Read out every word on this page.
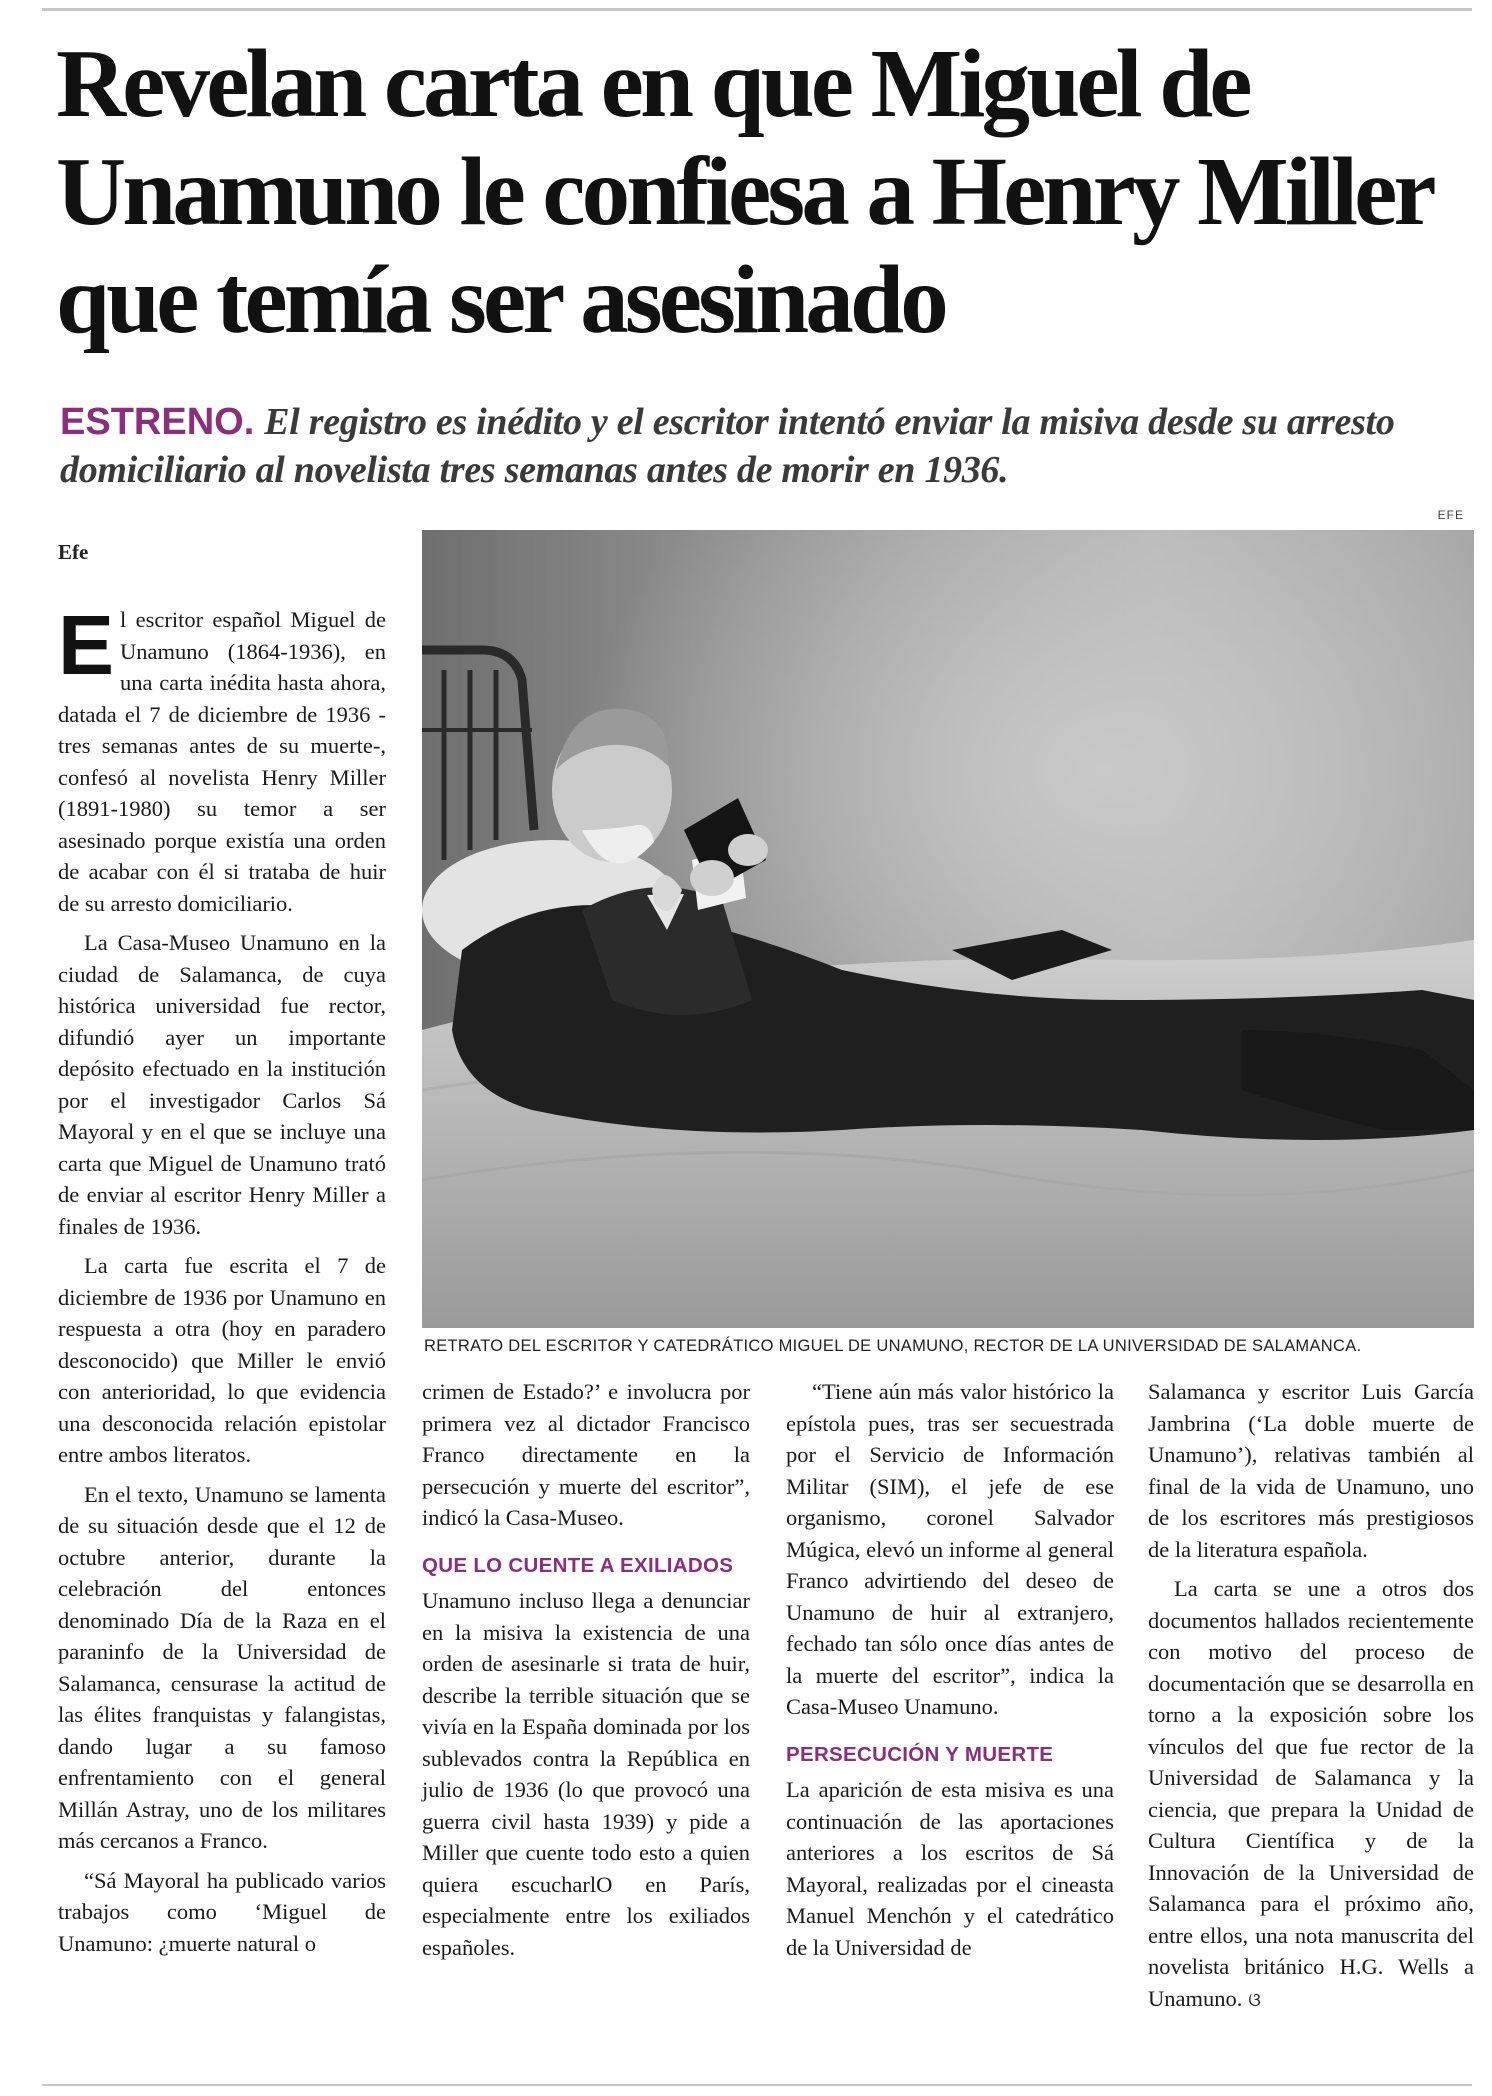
Revelan carta en que Miguel de Unamuno le confiesa a Henry Miller que temía ser asesinado

ESTRENO. El registro es inédito y el escritor intentó enviar la misiva desde su arresto domiciliario al novelista tres semanas antes de morir en 1936.

EFE
Efe

RETRATO DEL ESCRITOR Y CATEDRÁTICO MIGUEL DE UNAMUNO, RECTOR DE LA UNIVERSIDAD DE SALAMANCA.

El escritor español Miguel de Unamuno (1864-1936), en una carta inédita hasta ahora, datada el 7 de diciembre de 1936 -tres semanas antes de su muerte-, confesó al novelista Henry Miller (1891-1980) su temor a ser asesinado porque existía una orden de acabar con él si trataba de huir de su arresto domiciliario.

La Casa-Museo Unamuno en la ciudad de Salamanca, de cuya histórica universidad fue rector, difundió ayer un importante depósito efectuado en la institución por el investigador Carlos Sá Mayoral y en el que se incluye una carta que Miguel de Unamuno trató de enviar al escritor Henry Miller a finales de 1936.

La carta fue escrita el 7 de diciembre de 1936 por Unamuno en respuesta a otra (hoy en paradero desconocido) que Miller le envió con anterioridad, lo que evidencia una desconocida relación epistolar entre ambos literatos.

En el texto, Unamuno se lamenta de su situación desde que el 12 de octubre anterior, durante la celebración del entonces denominado Día de la Raza en el paraninfo de la Universidad de Salamanca, censurase la actitud de las élites franquistas y falangistas, dando lugar a su famoso enfrentamiento con el general Millán Astray, uno de los militares más cercanos a Franco.

“Sá Mayoral ha publicado varios trabajos como ‘Miguel de Unamuno: ¿muerte natural o

crimen de Estado?’ e involucra por primera vez al dictador Francisco Franco directamente en la persecución y muerte del escritor”, indicó la Casa-Museo.

QUE LO CUENTE A EXILIADOS

Unamuno incluso llega a denunciar en la misiva la existencia de una orden de asesinarle si trata de huir, describe la terrible situación que se vivía en la España dominada por los sublevados contra la República en julio de 1936 (lo que provocó una guerra civil hasta 1939) y pide a Miller que cuente todo esto a quien quiera escucharlO en París, especialmente entre los exiliados españoles.

“Tiene aún más valor histórico la epístola pues, tras ser secuestrada por el Servicio de Información Militar (SIM), el jefe de ese organismo, coronel Salvador Múgica, elevó un informe al general Franco advirtiendo del deseo de Unamuno de huir al extranjero, fechado tan sólo once días antes de la muerte del escritor”, indica la Casa-Museo Unamuno.

PERSECUCIÓN Y MUERTE

La aparición de esta misiva es una continuación de las aportaciones anteriores a los escritos de Sá Mayoral, realizadas por el cineasta Manuel Menchón y el catedrático de la Universidad de

Salamanca y escritor Luis García Jambrina (‘La doble muerte de Unamuno’), relativas también al final de la vida de Unamuno, uno de los escritores más prestigiosos de la literatura española.

La carta se une a otros dos documentos hallados recientemente con motivo del proceso de documentación que se desarrolla en torno a la exposición sobre los vínculos del que fue rector de la Universidad de Salamanca y la ciencia, que prepara la Unidad de Cultura Científica y de la Innovación de la Universidad de Salamanca para el próximo año, entre ellos, una nota manuscrita del novelista británico H.G. Wells a Unamuno. ଓ
